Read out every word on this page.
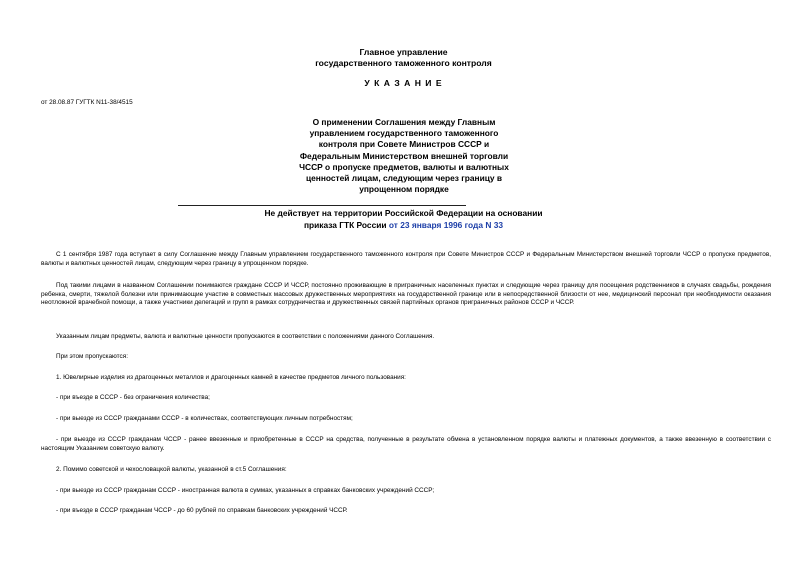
Главное управление
государственного таможенного контроля
У К А З А Н И Е
от 28.08.87 ГУГТК N11-38/4515
О применении Соглашения между Главным
управлением государственного таможенного
контроля при Совете Министров СССР и
Федеральным Министерством внешней торговли
ЧССР о пропуске предметов, валюты и валютных
ценностей лицам, следующим через границу в
упрощенном порядке
Не действует на территории Российской Федерации на основании
приказа ГТК России от 23 января 1996 года N 33
С 1 сентября 1987 года вступает в силу Соглашение между Главным управлением государственного таможенного контроля при Совете Министров СССР и Федеральным Министерством внешней торговли ЧССР о пропуске предметов, валюты и валютных ценностей лицам, следующим через границу в упрощенном порядке.
Под такими лицами в названном Соглашении понимаются граждане СССР И ЧССР, постоянно проживающие в приграничных населенных пунктах и следующие через границу для посещения родственников в случаях свадьбы, рождения ребенка, смерти, тяжелой болезни или принимающие участие в совместных массовых дружественных мероприятиях на государственной границе или в непосредственной близости от нее, медицинский персонал при необходимости оказания неотложной врачебной помощи, а также участники делегаций и групп в рамках сотрудничества и дружественных связей партийных органов приграничных районов СССР и ЧССР.
Указанным лицам предметы, валюта и валютные ценности пропускаются в соответствии с положениями данного Соглашения.
При этом пропускаются:
1. Ювелирные изделия из драгоценных металлов и драгоценных камней в качестве предметов личного пользования:
- при въезде в СССР - без ограничения количества;
- при выезде из СССР гражданами СССР - в количествах, соответствующих личным потребностям;
- при выезде из СССР гражданам ЧССР - ранее ввезенные и приобретенные в СССР на средства, полученные в результате обмена в установленном порядке валюты и платежных документов, а также ввезенную в соответствии с настоящим Указанием советскую валюту.
2. Помимо советской и чехословацкой валюты, указанной в ст.5 Соглашения:
- при выезде из СССР гражданам СССР - иностранная валюта в суммах, указанных в справках банковских учреждений СССР;
- при въезде в СССР гражданам ЧССР - до 60 рублей по справкам банковских учреждений ЧССР.
